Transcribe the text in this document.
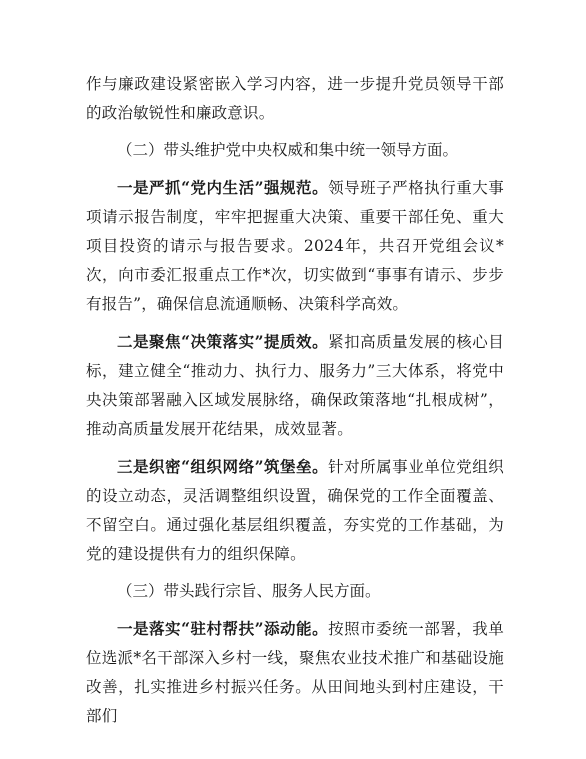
作与廉政建设紧密嵌入学习内容，进一步提升党员领导干部的政治敏锐性和廉政意识。

（二）带头维护党中央权威和集中统一领导方面。

一是严抓“党内生活”强规范。领导班子严格执行重大事项请示报告制度，牢牢把握重大决策、重要干部任免、重大项目投资的请示与报告要求。2024年，共召开党组会议*次，向市委汇报重点工作*次，切实做到“事事有请示、步步有报告”，确保信息流通顺畅、决策科学高效。

二是聚焦“决策落实”提质效。紧扣高质量发展的核心目标，建立健全“推动力、执行力、服务力”三大体系，将党中央决策部署融入区域发展脉络，确保政策落地“扎根成树”，推动高质量发展开花结果，成效显著。

三是织密“组织网络”筑堡垒。针对所属事业单位党组织的设立动态，灵活调整组织设置，确保党的工作全面覆盖、不留空白。通过强化基层组织覆盖，夯实党的工作基础，为党的建设提供有力的组织保障。

（三）带头践行宗旨、服务人民方面。

一是落实“驻村帮扶”添动能。按照市委统一部署，我单位选派*名干部深入乡村一线，聚焦农业技术推广和基础设施改善，扎实推进乡村振兴任务。从田间地头到村庄建设，干部们
